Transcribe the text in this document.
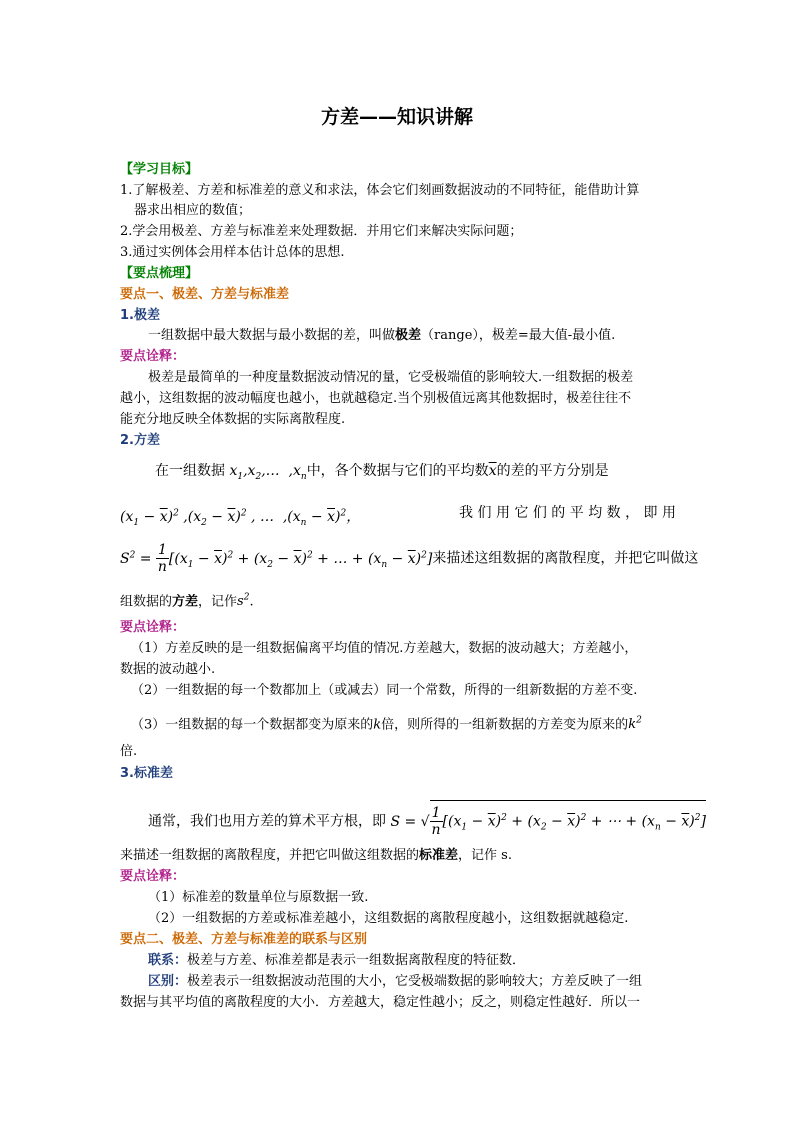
方差——知识讲解
【学习目标】
1.了解极差、方差和标准差的意义和求法，体会它们刻画数据波动的不同特征，能借助计算
器求出相应的数值；
2.学会用极差、方差与标准差来处理数据．并用它们来解决实际问题；
3.通过实例体会用样本估计总体的思想.
【要点梳理】
要点一、极差、方差与标准差
1.极差
一组数据中最大数据与最小数据的差，叫做极差（range），极差=最大值-最小值.
要点诠释：
极差是最简单的一种度量数据波动情况的量，它受极端值的影响较大.一组数据的极差
越小，这组数据的波动幅度也越小，也就越稳定.当个别极值远离其他数据时，极差往往不
能充分地反映全体数据的实际离散程度.
2.方差
在一组数据 $x_1,x_2,\dots$  $,x_n$中，各个数据与它们的平均数$\overline{x}$的差的平方分别是
$(x_1 - \overline{x})^2$ $,(x_2 - \overline{x})^2$ , …  $,(x_n - \overline{x})^2$，	我 们 用 它 们 的 平 均 数 ， 即 用
$S^2 = \frac{1}{n} [(x_1 - \overline{x})^2 + (x_2 - \overline{x})^2$ + … + $(x_n - \overline{x})^2$]来描述这组数据的离散程度，并把它叫做这
组数据的方差，记作$s^2$.
要点诠释：
（1）方差反映的是一组数据偏离平均值的情况.方差越大，数据的波动越大；方差越小，
数据的波动越小.
（2）一组数据的每一个数都加上（或减去）同一个常数，所得的一组新数据的方差不变.
（3）一组数据的每一个数据都变为原来的k倍，则所得的一组新数据的方差变为原来的$k^2$
倍.
3.标准差
通常，我们也用方差的算术平方根，即 S = √ $\frac{1}{n} [(x_1 - \overline{x})^2 + (x_2 - \overline{x})^2$ + ⋯ + $(x_n - \overline{x})^2$]
来描述一组数据的离散程度，并把它叫做这组数据的标准差，记作 s.
要点诠释：
（1）标准差的数量单位与原数据一致.
（2）一组数据的方差或标准差越小，这组数据的离散程度越小，这组数据就越稳定.
要点二、极差、方差与标准差的联系与区别
联系：极差与方差、标准差都是表示一组数据离散程度的特征数．
区别：极差表示一组数据波动范围的大小，它受极端数据的影响较大；方差反映了一组
数据与其平均值的离散程度的大小．方差越大，稳定性越小；反之，则稳定性越好．所以一
